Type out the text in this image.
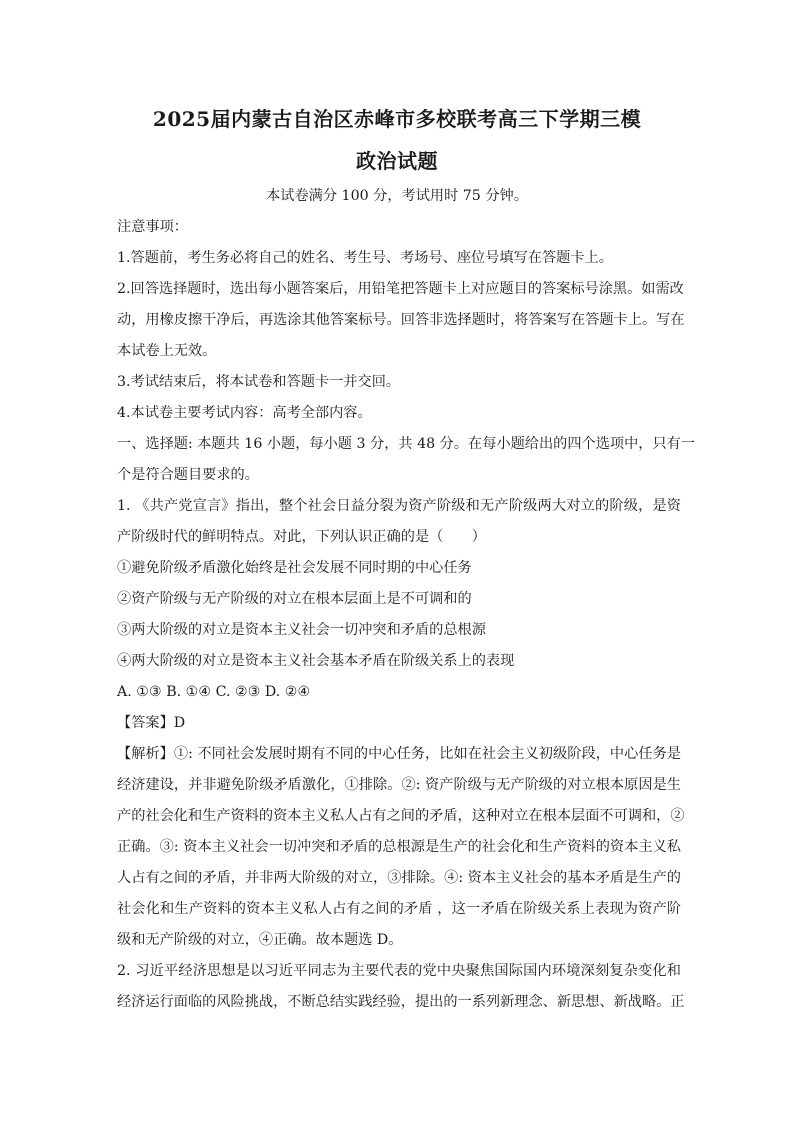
2025届内蒙古自治区赤峰市多校联考高三下学期三模
政治试题
本试卷满分 100 分，考试用时 75 分钟。
注意事项：
1.答题前，考生务必将自己的姓名、考生号、考场号、座位号填写在答题卡上。
2.回答选择题时，选出每小题答案后，用铅笔把答题卡上对应题目的答案标号涂黑。如需改
动，用橡皮擦干净后，再选涂其他答案标号。回答非选择题时，将答案写在答题卡上。写在
本试卷上无效。
3.考试结束后，将本试卷和答题卡一并交回。
4.本试卷主要考试内容：高考全部内容。
一、选择题: 本题共 16 小题，每小题 3 分，共 48 分。在每小题给出的四个选项中，只有一
个是符合题目要求的。
1. 《共产党宣言》指出，整个社会日益分裂为资产阶级和无产阶级两大对立的阶级，是资
产阶级时代的鲜明特点。对此，下列认识正确的是（　　）
①避免阶级矛盾激化始终是社会发展不同时期的中心任务
②资产阶级与无产阶级的对立在根本层面上是不可调和的
③两大阶级的对立是资本主义社会一切冲突和矛盾的总根源
④两大阶级的对立是资本主义社会基本矛盾在阶级关系上的表现
A. ①③ B. ①④ C. ②③ D. ②④
【答案】D
【解析】①: 不同社会发展时期有不同的中心任务，比如在社会主义初级阶段，中心任务是
经济建设，并非避免阶级矛盾激化，①排除。②: 资产阶级与无产阶级的对立根本原因是生
产的社会化和生产资料的资本主义私人占有之间的矛盾，这种对立在根本层面不可调和，②
正确。③: 资本主义社会一切冲突和矛盾的总根源是生产的社会化和生产资料的资本主义私
人占有之间的矛盾，并非两大阶级的对立，③排除。④: 资本主义社会的基本矛盾是生产的
社会化和生产资料的资本主义私人占有之间的矛盾 ，这一矛盾在阶级关系上表现为资产阶
级和无产阶级的对立，④正确。故本题选 D。
2. 习近平经济思想是以习近平同志为主要代表的党中央聚焦国际国内环境深刻复杂变化和
经济运行面临的风险挑战，不断总结实践经验，提出的一系列新理念、新思想、新战略。正
